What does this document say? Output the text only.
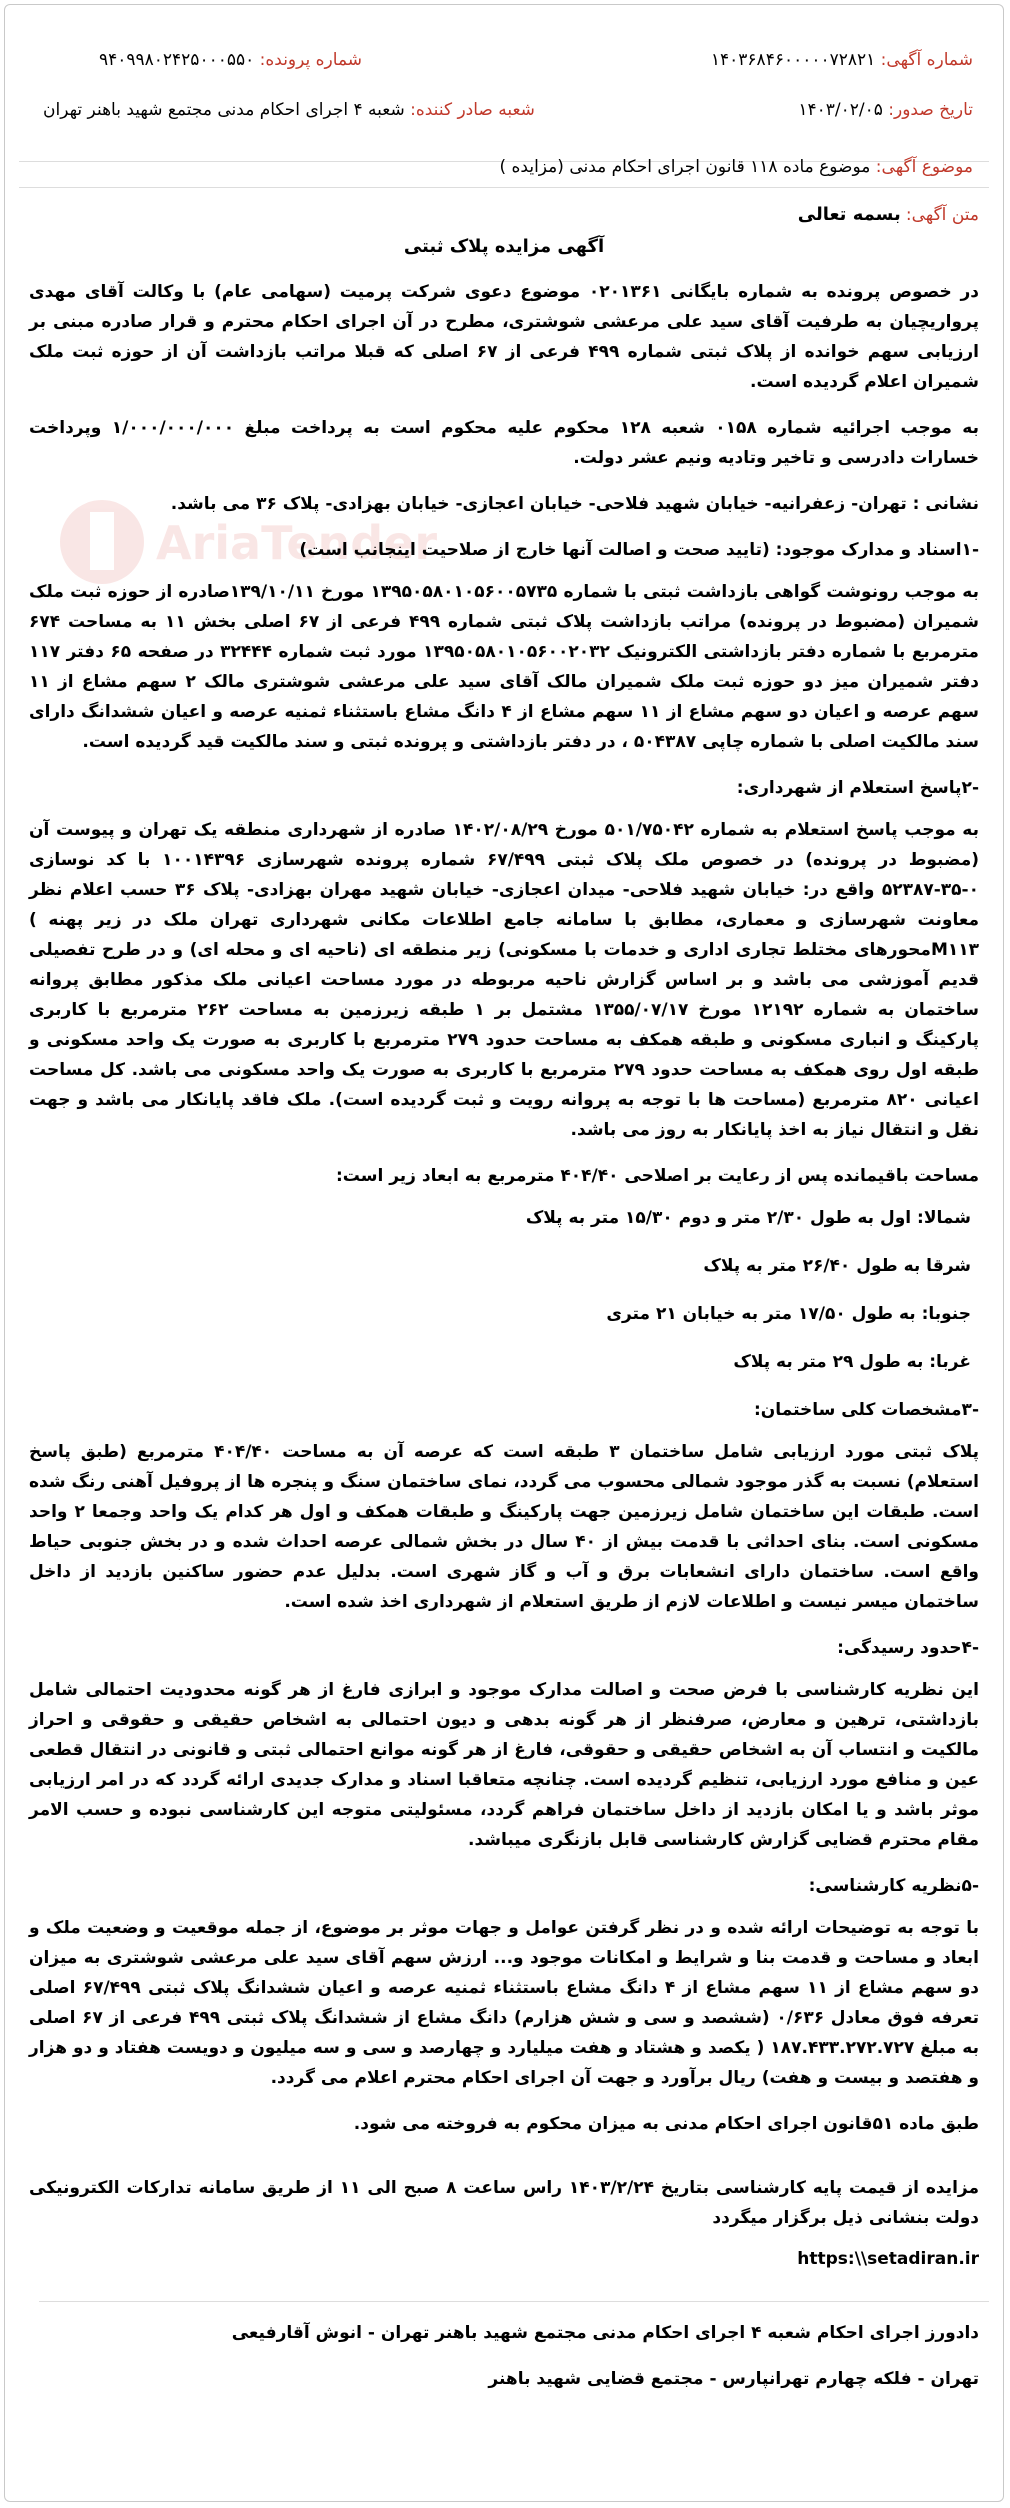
شماره آگهی: ۱۴۰۳۶۸۴۶۰۰۰۰۰۷۲۸۲۱
شماره پرونده: ۹۴۰۹۹۸۰۲۴۲۵۰۰۰۵۵۰
تاریخ صدور: ۱۴۰۳/۰۲/۰۵
شعبه صادر کننده: شعبه ۴ اجرای احکام مدنی مجتمع شهید باهنر تهران
موضوع آگهی: موضوع ماده ۱۱۸ قانون اجرای احکام مدنی (مزایده )
AriaTender
متن آگهی: بسمه تعالی

آگهی مزایده پلاک ثبتی

در خصوص پرونده به شماره بایگانی ۰۲۰۱۳۶۱ موضوع دعوی شرکت پرمیت (سهامی عام) با وکالت آقای مهدی پرواریچیان به طرفیت آقای سید علی مرعشی شوشتری، مطرح در آن اجرای احکام محترم و قرار صادره مبنی بر ارزیابی سهم خوانده از پلاک ثبتی شماره ۴۹۹ فرعی از ۶۷ اصلی که قبلا مراتب بازداشت آن از حوزه ثبت ملک شمیران اعلام گردیده است.

به موجب اجرائیه شماره ۰۱۵۸ شعبه ۱۲۸ محکوم علیه محکوم است به پرداخت مبلغ ۱/۰۰۰/۰۰۰/۰۰۰ وپرداخت خسارات دادرسی و تاخیر وتادیه ونیم عشر دولت.

نشانی : تهران- زعفرانیه- خیابان شهید فلاحی- خیابان اعجازی- خیابان بهزادی- پلاک ۳۶ می باشد.

-۱اسناد و مدارک موجود: (تایید صحت و اصالت آنها خارج از صلاحیت اینجانب است)

به موجب رونوشت گواهی بازداشت ثبتی با شماره ۱۳۹۵۰۵۸۰۱۰۵۶۰۰۵۷۳۵ مورخ ۱۳۹/۱۰/۱۱صادره از حوزه ثبت ملک شمیران (مضبوط در پرونده) مراتب بازداشت پلاک ثبتی شماره ۴۹۹ فرعی از ۶۷ اصلی بخش ۱۱ به مساحت ۶۷۴ مترمربع با شماره دفتر بازداشتی الکترونیک ۱۳۹۵۰۵۸۰۱۰۵۶۰۰۲۰۳۲ مورد ثبت شماره ۳۲۴۴۴ در صفحه ۶۵ دفتر ۱۱۷ دفتر شمیران میز دو حوزه ثبت ملک شمیران مالک آقای سید علی مرعشی شوشتری مالک ۲ سهم مشاع از ۱۱ سهم عرصه و اعیان دو سهم مشاع از ۱۱ سهم مشاع از ۴ دانگ مشاع باستثناء ثمنیه عرصه و اعیان ششدانگ دارای سند مالکیت اصلی با شماره چاپی ۵۰۴۳۸۷ ، در دفتر بازداشتی و پرونده ثبتی و سند مالکیت قید گردیده است.

-۲پاسخ استعلام از شهرداری:

به موجب پاسخ استعلام به شماره ۵۰۱/۷۵۰۴۲ مورخ ۱۴۰۲/۰۸/۲۹ صادره از شهرداری منطقه یک تهران و پیوست آن (مضبوط در پرونده) در خصوص ملک پلاک ثبتی ۶۷/۴۹۹ شماره پرونده شهرسازی ۱۰۰۱۴۳۹۶ با کد نوسازی ۰-۳۵-۵۲۳۸۷ واقع در: خیابان شهید فلاحی- میدان اعجازی- خیابان شهید مهران بهزادی- پلاک ۳۶ حسب اعلام نظر معاونت شهرسازی و معماری، مطابق با سامانه جامع اطلاعات مکانی شهرداری تهران ملک در زیر پهنه ) M۱۱۳محورهای مختلط تجاری اداری و خدمات با مسکونی) زیر منطقه ای (ناحیه ای و محله ای) و در طرح تفصیلی قدیم آموزشی می باشد و بر اساس گزارش ناحیه مربوطه در مورد مساحت اعیانی ملک مذکور مطابق پروانه ساختمان به شماره ۱۲۱۹۲ مورخ ۱۳۵۵/۰۷/۱۷ مشتمل بر ۱ طبقه زیرزمین به مساحت ۲۶۲ مترمربع با کاربری پارکینگ و انباری مسکونی و طبقه همکف به مساحت حدود ۲۷۹ مترمربع با کاربری به صورت یک واحد مسکونی و طبقه اول روی همکف به مساحت حدود ۲۷۹ مترمربع با کاربری به صورت یک واحد مسکونی می باشد. کل مساحت اعیانی ۸۲۰ مترمربع (مساحت ها با توجه به پروانه رویت و ثبت گردیده است). ملک فاقد پایانکار می باشد و جهت نقل و انتقال نیاز به اخذ پایانکار به روز می باشد.

مساحت باقیمانده پس از رعایت بر اصلاحی ۴۰۴/۴۰ مترمربع به ابعاد زیر است:

شمالا: اول به طول ۲/۳۰ متر و دوم ۱۵/۳۰ متر به پلاک

شرقا به طول ۲۶/۴۰ متر به پلاک

جنوبا: به طول ۱۷/۵۰ متر به خیابان ۲۱ متری

غربا: به طول ۲۹ متر به پلاک

-۳مشخصات کلی ساختمان:

پلاک ثبتی مورد ارزیابی شامل ساختمان ۳ طبقه است که عرصه آن به مساحت ۴۰۴/۴۰ مترمربع (طبق پاسخ استعلام) نسبت به گذر موجود شمالی محسوب می گردد، نمای ساختمان سنگ و پنجره ها از پروفیل آهنی رنگ شده است. طبقات این ساختمان شامل زیرزمین جهت پارکینگ و طبقات همکف و اول هر کدام یک واحد وجمعا ۲ واحد مسکونی است. بنای احداثی با قدمت بیش از ۴۰ سال در بخش شمالی عرصه احداث شده و در بخش جنوبی حیاط واقع است. ساختمان دارای انشعابات برق و آب و گاز شهری است. بدلیل عدم حضور ساکنین بازدید از داخل ساختمان میسر نیست و اطلاعات لازم از طریق استعلام از شهرداری اخذ شده است.

-۴حدود رسیدگی:

این نظریه کارشناسی با فرض صحت و اصالت مدارک موجود و ابرازی فارغ از هر گونه محدودیت احتمالی شامل بازداشتی، ترهین و معارض، صرفنظر از هر گونه بدهی و دیون احتمالی به اشخاص حقیقی و حقوقی و احراز مالکیت و انتساب آن به اشخاص حقیقی و حقوقی، فارغ از هر گونه موانع احتمالی ثبتی و قانونی در انتقال قطعی عین و منافع مورد ارزیابی، تنظیم گردیده است. چنانچه متعاقبا اسناد و مدارک جدیدی ارائه گردد که در امر ارزیابی موثر باشد و یا امکان بازدید از داخل ساختمان فراهم گردد، مسئولیتی متوجه این کارشناسی نبوده و حسب الامر مقام محترم قضایی گزارش کارشناسی قابل بازنگری میباشد.

-۵نظریه کارشناسی:

با توجه به توضیحات ارائه شده و در نظر گرفتن عوامل و جهات موثر بر موضوع، از جمله موقعیت و وضعیت ملک و ابعاد و مساحت و قدمت بنا و شرایط و امکانات موجود و... ارزش سهم آقای سید علی مرعشی شوشتری به میزان دو سهم مشاع از ۱۱ سهم مشاع از ۴ دانگ مشاع باستثناء ثمنیه عرصه و اعیان ششدانگ پلاک ثبتی ۶۷/۴۹۹ اصلی تعرفه فوق معادل ۰/۶۳۶ (ششصد و سی و شش هزارم) دانگ مشاع از ششدانگ پلاک ثبتی ۴۹۹ فرعی از ۶۷ اصلی به مبلغ ۱۸۷.۴۳۳.۲۷۲.۷۲۷ ( یکصد و هشتاد و هفت میلیارد و چهارصد و سی و سه میلیون و دویست هفتاد و دو هزار و هفتصد و بیست و هفت) ریال برآورد و جهت آن اجرای احکام محترم اعلام می گردد.

طبق ماده ۵۱قانون اجرای احکام مدنی به میزان محکوم به فروخته می شود.

مزایده از قیمت پایه کارشناسی بتاریخ ۱۴۰۳/۲/۲۴ راس ساعت ۸ صبح الی ۱۱ از طریق سامانه تدارکات الکترونیکی دولت بنشانی ذیل برگزار میگردد

https:\\setadiran.ir

دادورز اجرای احکام شعبه ۴ اجرای احکام مدنی مجتمع شهید باهنر تهران - انوش آقارفیعی

تهران - فلکه چهارم تهرانپارس - مجتمع قضایی شهید باهنر
